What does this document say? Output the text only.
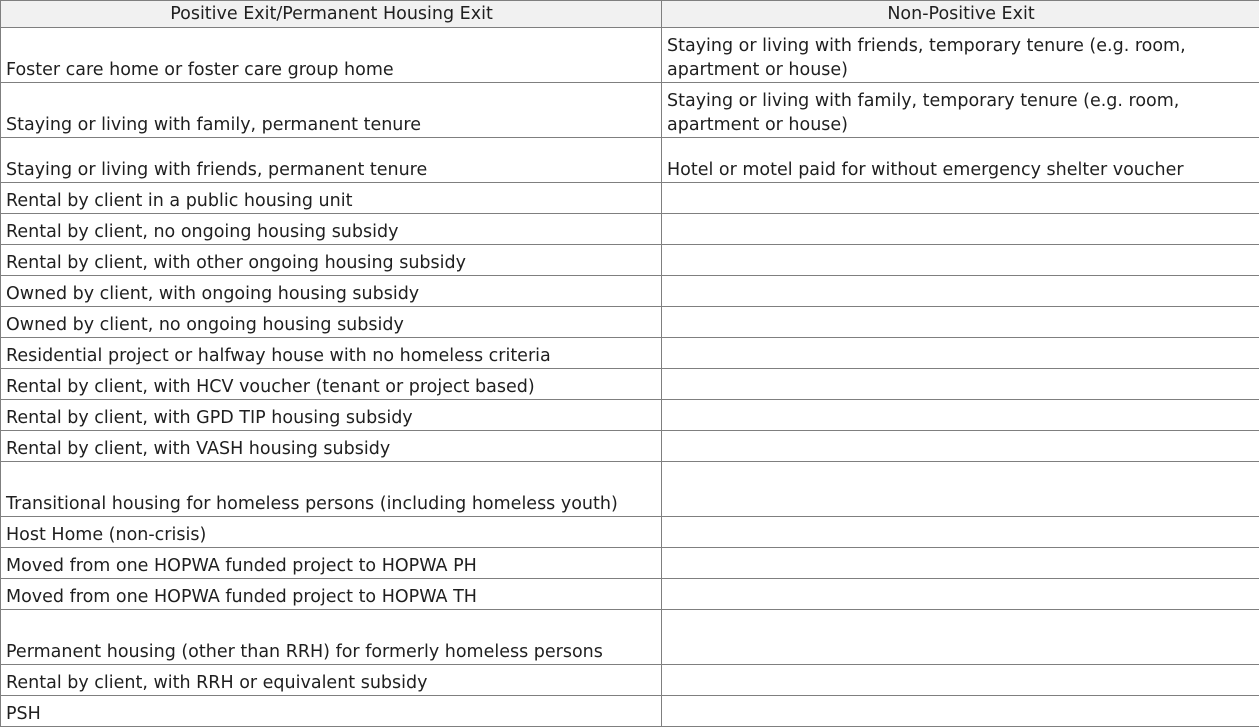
Positive Exit/Permanent Housing Exit	Non-Positive Exit
Foster care home or foster care group home	Staying or living with friends, temporary tenure (e.g. room, apartment or house)
Staying or living with family, permanent tenure	Staying or living with family, temporary tenure (e.g. room, apartment or house)
Staying or living with friends, permanent tenure	Hotel or motel paid for without emergency shelter voucher
Rental by client in a public housing unit	
Rental by client, no ongoing housing subsidy	
Rental by client, with other ongoing housing subsidy	
Owned by client, with ongoing housing subsidy	
Owned by client, no ongoing housing subsidy	
Residential project or halfway house with no homeless criteria	
Rental by client, with HCV voucher (tenant or project based)	
Rental by client, with GPD TIP housing subsidy	
Rental by client, with VASH housing subsidy	
Transitional housing for homeless persons (including homeless youth)	
Host Home (non-crisis)	
Moved from one HOPWA funded project to HOPWA PH	
Moved from one HOPWA funded project to HOPWA TH	
Permanent housing (other than RRH) for formerly homeless persons	
Rental by client, with RRH or equivalent subsidy	
PSH	
